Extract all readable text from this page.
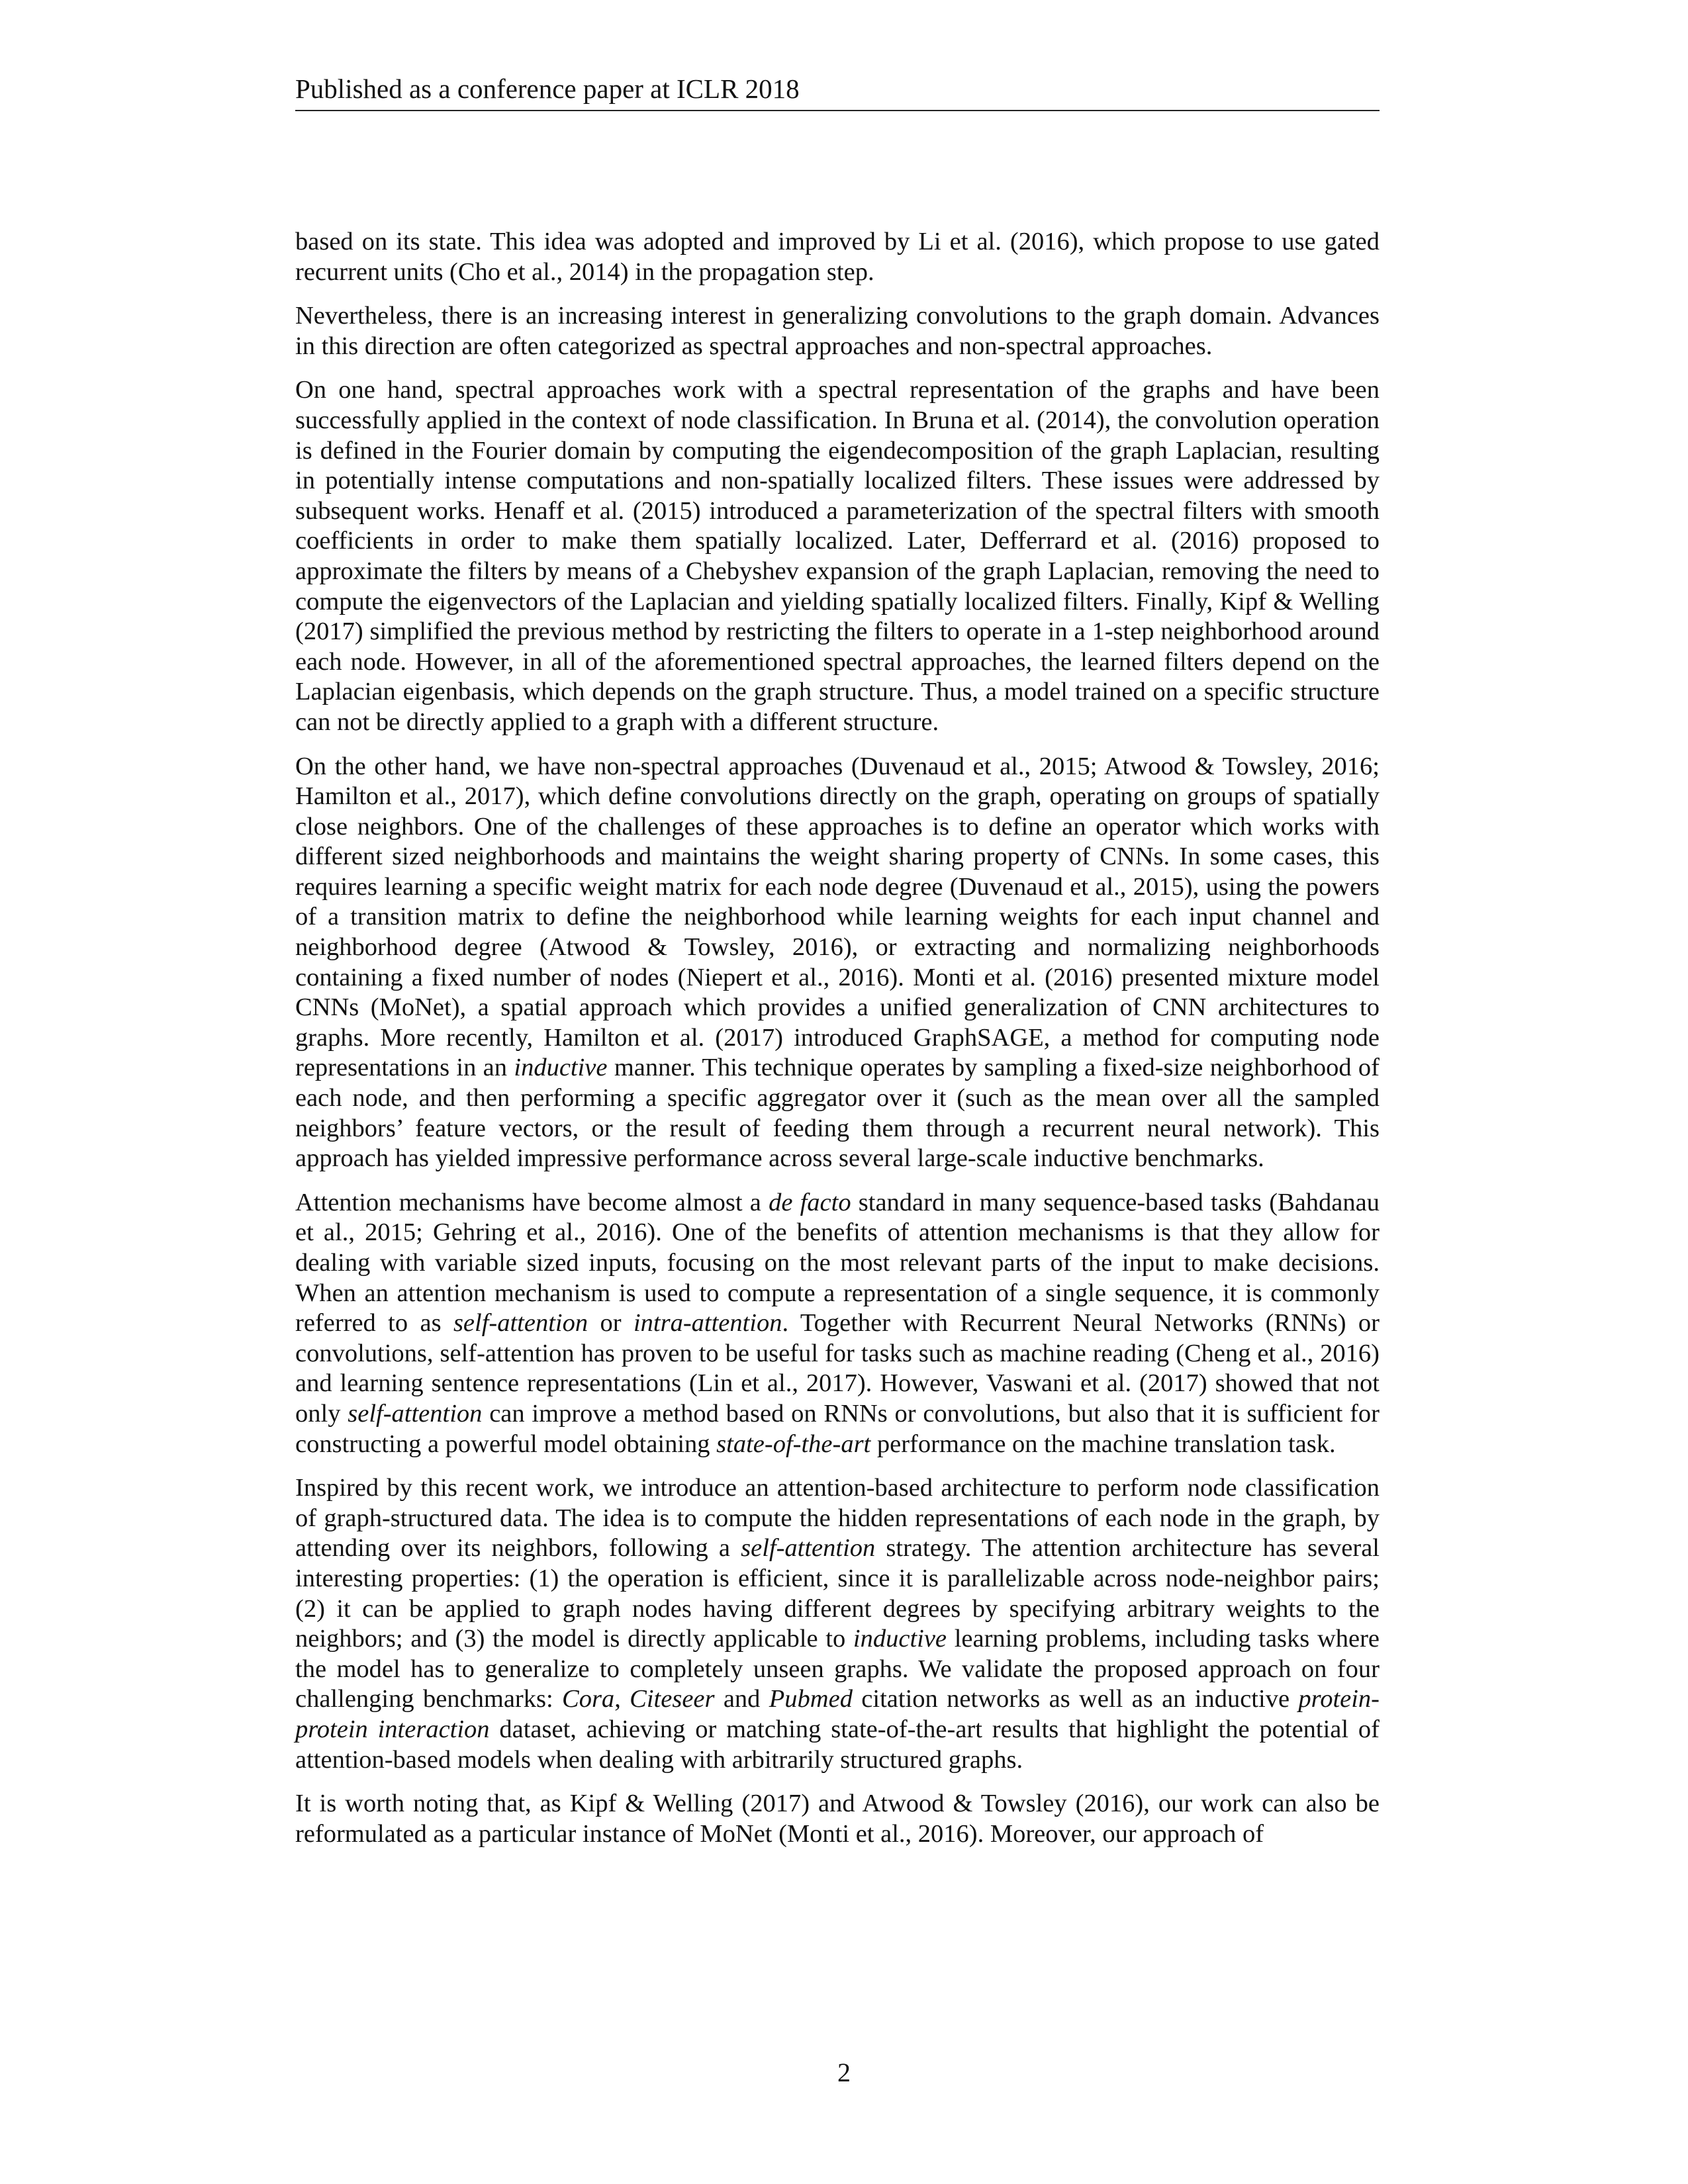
Published as a conference paper at ICLR 2018

based on its state. This idea was adopted and improved by Li et al. (2016), which propose to use gated recurrent units (Cho et al., 2014) in the propagation step.

Nevertheless, there is an increasing interest in generalizing convolutions to the graph domain. Advances in this direction are often categorized as spectral approaches and non-spectral approaches.

On one hand, spectral approaches work with a spectral representation of the graphs and have been successfully applied in the context of node classification. In Bruna et al. (2014), the convolution operation is defined in the Fourier domain by computing the eigendecomposition of the graph Laplacian, resulting in potentially intense computations and non-spatially localized filters. These issues were addressed by subsequent works. Henaff et al. (2015) introduced a parameterization of the spectral filters with smooth coefficients in order to make them spatially localized. Later, Defferrard et al. (2016) proposed to approximate the filters by means of a Chebyshev expansion of the graph Laplacian, removing the need to compute the eigenvectors of the Laplacian and yielding spatially localized filters. Finally, Kipf & Welling (2017) simplified the previous method by restricting the filters to operate in a 1-step neighborhood around each node. However, in all of the aforementioned spectral approaches, the learned filters depend on the Laplacian eigenbasis, which depends on the graph structure. Thus, a model trained on a specific structure can not be directly applied to a graph with a different structure.

On the other hand, we have non-spectral approaches (Duvenaud et al., 2015; Atwood & Towsley, 2016; Hamilton et al., 2017), which define convolutions directly on the graph, operating on groups of spatially close neighbors. One of the challenges of these approaches is to define an operator which works with different sized neighborhoods and maintains the weight sharing property of CNNs. In some cases, this requires learning a specific weight matrix for each node degree (Duvenaud et al., 2015), using the powers of a transition matrix to define the neighborhood while learning weights for each input channel and neighborhood degree (Atwood & Towsley, 2016), or extracting and normalizing neighborhoods containing a fixed number of nodes (Niepert et al., 2016). Monti et al. (2016) presented mixture model CNNs (MoNet), a spatial approach which provides a unified generalization of CNN architectures to graphs. More recently, Hamilton et al. (2017) introduced GraphSAGE, a method for computing node representations in an inductive manner. This technique operates by sampling a fixed-size neighborhood of each node, and then performing a specific aggregator over it (such as the mean over all the sampled neighbors’ feature vectors, or the result of feeding them through a recurrent neural network). This approach has yielded impressive performance across several large-scale inductive benchmarks.

Attention mechanisms have become almost a de facto standard in many sequence-based tasks (Bahdanau et al., 2015; Gehring et al., 2016). One of the benefits of attention mechanisms is that they allow for dealing with variable sized inputs, focusing on the most relevant parts of the input to make decisions. When an attention mechanism is used to compute a representation of a single sequence, it is commonly referred to as self-attention or intra-attention. Together with Recurrent Neural Networks (RNNs) or convolutions, self-attention has proven to be useful for tasks such as machine reading (Cheng et al., 2016) and learning sentence representations (Lin et al., 2017). However, Vaswani et al. (2017) showed that not only self-attention can improve a method based on RNNs or convolutions, but also that it is sufficient for constructing a powerful model obtaining state-of-the-art performance on the machine translation task.

Inspired by this recent work, we introduce an attention-based architecture to perform node classification of graph-structured data. The idea is to compute the hidden representations of each node in the graph, by attending over its neighbors, following a self-attention strategy. The attention architecture has several interesting properties: (1) the operation is efficient, since it is parallelizable across node-neighbor pairs; (2) it can be applied to graph nodes having different degrees by specifying arbitrary weights to the neighbors; and (3) the model is directly applicable to inductive learning problems, including tasks where the model has to generalize to completely unseen graphs. We validate the proposed approach on four challenging benchmarks: Cora, Citeseer and Pubmed citation networks as well as an inductive protein-protein interaction dataset, achieving or matching state-of-the-art results that highlight the potential of attention-based models when dealing with arbitrarily structured graphs.

It is worth noting that, as Kipf & Welling (2017) and Atwood & Towsley (2016), our work can also be reformulated as a particular instance of MoNet (Monti et al., 2016). Moreover, our approach of

2
